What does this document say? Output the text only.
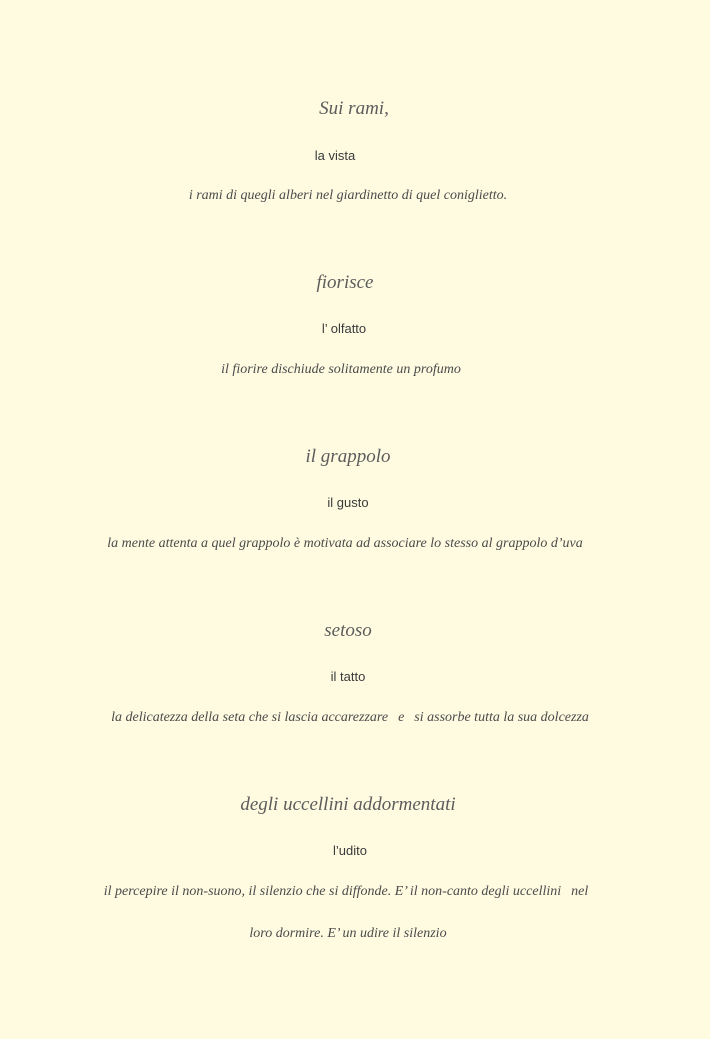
Sui rami,
la vista
i rami di quegli alberi nel giardinetto di quel coniglietto.
fiorisce
l’ olfatto
il fiorire dischiude solitamente un profumo
il grappolo
il gusto
la mente attenta a quel grappolo è motivata ad associare lo stesso al grappolo d’uva
setoso
il tatto
la delicatezza della seta che si lascia accarezzare e si assorbe tutta la sua dolcezza
degli uccellini addormentati
l’udito
il percepire il non-suono, il silenzio che si diffonde. E’ il non-canto degli uccellini nel
loro dormire. E’ un udire il silenzio
